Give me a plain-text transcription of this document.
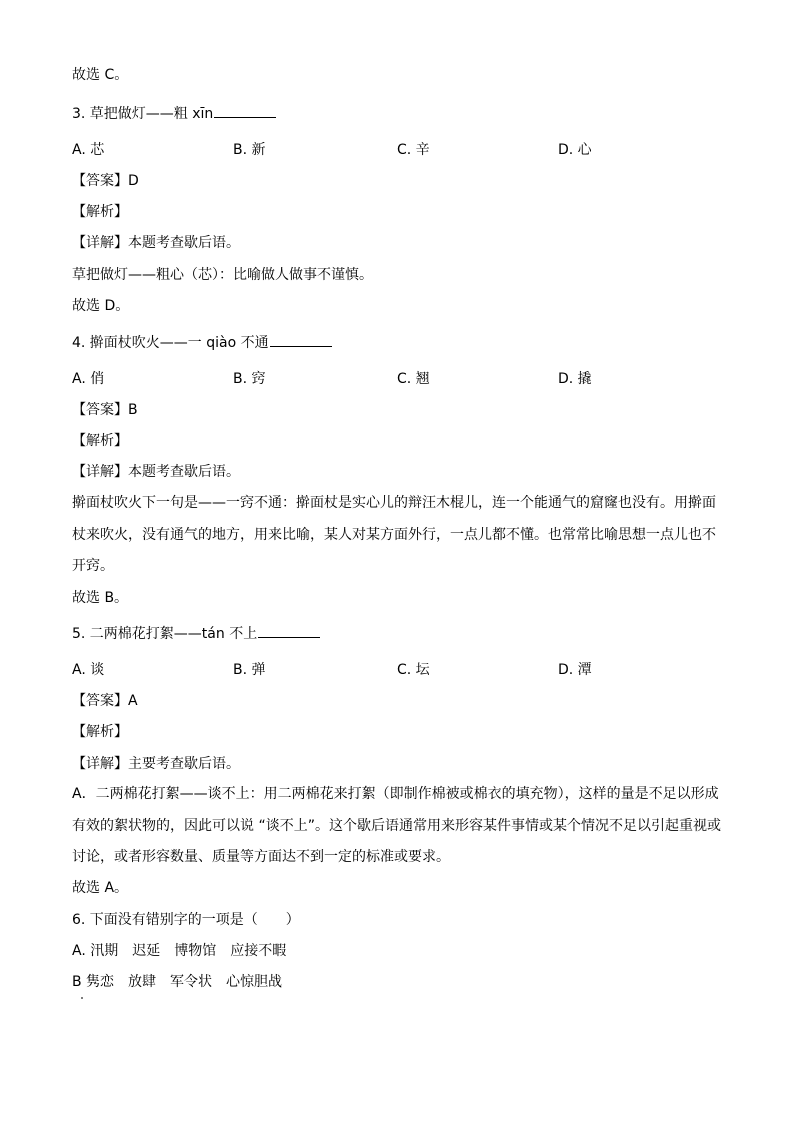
故选 C。
3. 草把做灯——粗 xīn
A. 芯	B. 新	C. 辛	D. 心
【答案】D
【解析】
【详解】本题考查歇后语。
草把做灯——粗心（芯）：比喻做人做事不谨慎。
故选 D。
4. 擀面杖吹火——一 qiào 不通
A. 俏	B. 窍	C. 翘	D. 撬
【答案】B
【解析】
【详解】本题考查歇后语。
擀面杖吹火下一句是——一窍不通：擀面杖是实心儿的辩汪木棍儿，连一个能通气的窟窿也没有。用擀面杖来吹火，没有通气的地方，用来比喻，某人对某方面外行，一点儿都不懂。也常常比喻思想一点儿也不开窍。
故选 B。
5. 二两棉花打絮——tán 不上
A. 谈	B. 弹	C. 坛	D. 潭
【答案】A
【解析】
【详解】主要考查歇后语。
A．二两棉花打絮——谈不上：用二两棉花来打絮（即制作棉被或棉衣的填充物），这样的量是不足以形成有效的絮状物的，因此可以说 “谈不上”。这个歇后语通常用来形容某件事情或某个情况不足以引起重视或讨论，或者形容数量、质量等方面达不到一定的标准或要求。
故选 A。
6. 下面没有错别字的一项是（　　）
A. 汛期　迟延　博物馆　应接不暇
B 隽恋　放肆　军令状　心惊胆战
